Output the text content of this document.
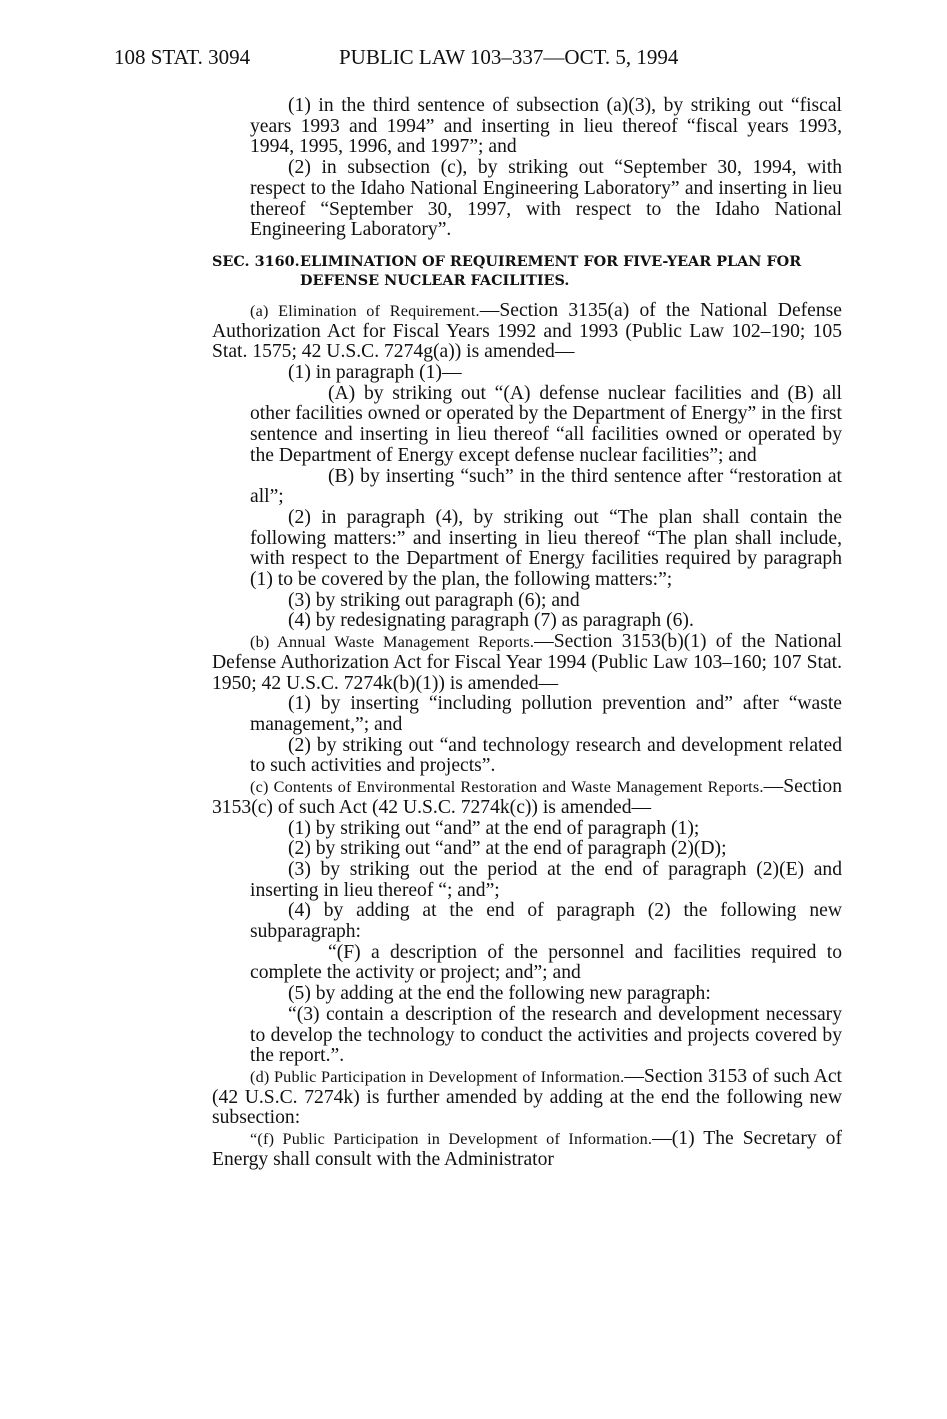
108 STAT. 3094	PUBLIC LAW 103–337—OCT. 5, 1994

(1) in the third sentence of subsection (a)(3), by striking out “fiscal years 1993 and 1994” and inserting in lieu thereof “fiscal years 1993, 1994, 1995, 1996, and 1997”; and

(2) in subsection (c), by striking out “September 30, 1994, with respect to the Idaho National Engineering Laboratory” and inserting in lieu thereof “September 30, 1997, with respect to the Idaho National Engineering Laboratory”.

SEC. 3160.ELIMINATION OF REQUIREMENT FOR FIVE-YEAR PLAN FOR DEFENSE NUCLEAR FACILITIES.

(a) Elimination of Requirement.—Section 3135(a) of the National Defense Authorization Act for Fiscal Years 1992 and 1993 (Public Law 102–190; 105 Stat. 1575; 42 U.S.C. 7274g(a)) is amended—

(1) in paragraph (1)—

(A) by striking out “(A) defense nuclear facilities and (B) all other facilities owned or operated by the Department of Energy” in the first sentence and inserting in lieu thereof “all facilities owned or operated by the Department of Energy except defense nuclear facilities”; and

(B) by inserting “such” in the third sentence after “restoration at all”;

(2) in paragraph (4), by striking out “The plan shall contain the following matters:” and inserting in lieu thereof “The plan shall include, with respect to the Department of Energy facilities required by paragraph (1) to be covered by the plan, the following matters:”;

(3) by striking out paragraph (6); and

(4) by redesignating paragraph (7) as paragraph (6).

(b) Annual Waste Management Reports.—Section 3153(b)(1) of the National Defense Authorization Act for Fiscal Year 1994 (Public Law 103–160; 107 Stat. 1950; 42 U.S.C. 7274k(b)(1)) is amended—

(1) by inserting “including pollution prevention and” after “waste management,”; and

(2) by striking out “and technology research and development related to such activities and projects”.

(c) Contents of Environmental Restoration and Waste Management Reports.—Section 3153(c) of such Act (42 U.S.C. 7274k(c)) is amended—

(1) by striking out “and” at the end of paragraph (1);

(2) by striking out “and” at the end of paragraph (2)(D);

(3) by striking out the period at the end of paragraph (2)(E) and inserting in lieu thereof “; and”;

(4) by adding at the end of paragraph (2) the following new subparagraph:

“(F) a description of the personnel and facilities required to complete the activity or project; and”; and

(5) by adding at the end the following new paragraph:

“(3) contain a description of the research and development necessary to develop the technology to conduct the activities and projects covered by the report.”.

(d) Public Participation in Development of Information.—Section 3153 of such Act (42 U.S.C. 7274k) is further amended by adding at the end the following new subsection:

“(f) Public Participation in Development of Information.—(1) The Secretary of Energy shall consult with the Administrator
